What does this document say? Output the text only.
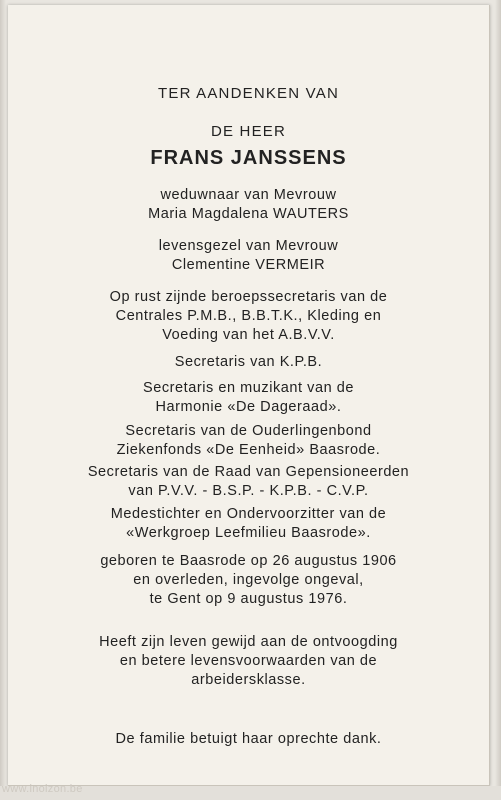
TER AANDENKEN VAN
DE HEER
FRANS JANSSENS
weduwnaar van Mevrouw
Maria Magdalena WAUTERS
levensgezel van Mevrouw
Clementine VERMEIR
Op rust zijnde beroepssecretaris van de
Centrales P.M.B., B.B.T.K., Kleding en
Voeding van het A.B.V.V.
Secretaris van K.P.B.
Secretaris en muzikant van de
Harmonie «De Dageraad».
Secretaris van de Ouderlingenbond
Ziekenfonds «De Eenheid» Baasrode.
Secretaris van de Raad van Gepensioneerden
van P.V.V. - B.S.P. - K.P.B. - C.V.P.
Medestichter en Ondervoorzitter van de
«Werkgroep Leefmilieu Baasrode».
geboren te Baasrode op 26 augustus 1906
en overleden, ingevolge ongeval,
te Gent op 9 augustus 1976.
Heeft zijn leven gewijd aan de ontvoogding
en betere levensvoorwaarden van de
arbeidersklasse.
De familie betuigt haar oprechte dank.
www.inoizon.be
